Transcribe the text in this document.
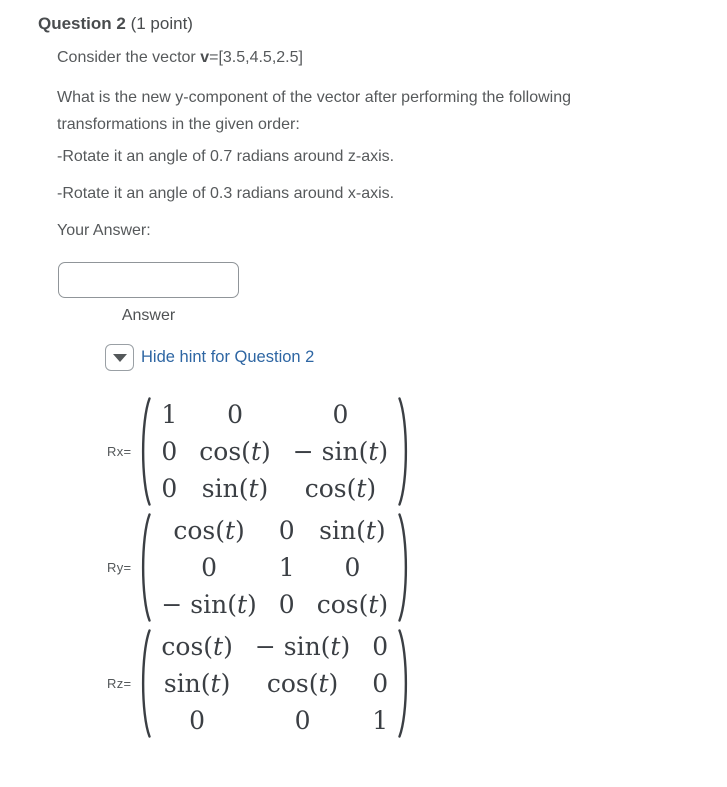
Question 2 (1 point)

Consider the vector v=[3.5,4.5,2.5]

What is the new y-component of the vector after performing the following transformations in the given order:

-Rotate it an angle of 0.7 radians around z-axis.

-Rotate it an angle of 0.3 radians around x-axis.

Your Answer:

Answer
Hide hint for Question 2
Rx=
1 0	0
0 cos(t) − sin(t)
0 sin(t) cos(t)
Ry=
cos(t) 0 sin(t)
0 1 0
− sin(t) 0 cos(t)
Rz=
cos(t) − sin(t) 0
sin(t) cos(t) 0
0	0 1
